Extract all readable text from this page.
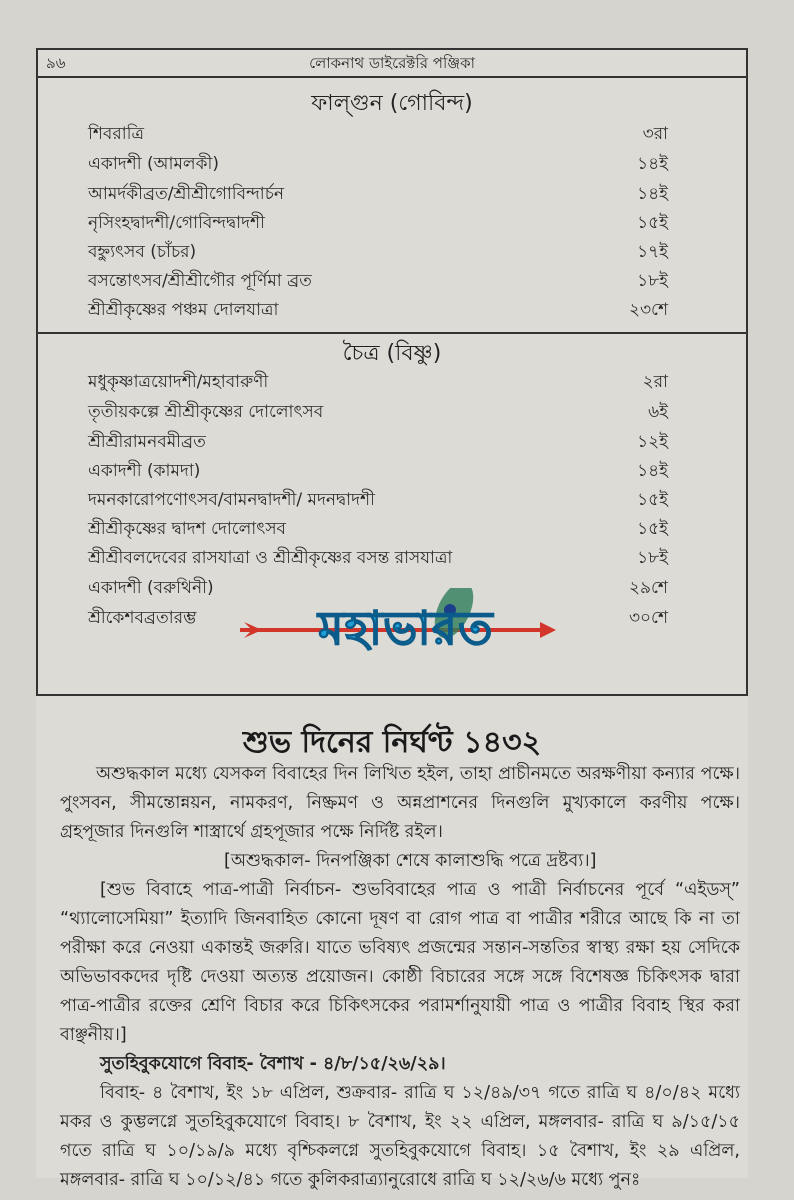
৯৬	লোকনাথ ডাইরেক্টরি পঞ্জিকা
ফাল্গুন (গোবিন্দ)
শিবরাত্রি	৩রা
একাদশী (আমলকী)	১৪ই
আমর্দকীব্রত/শ্রীশ্রীগোবিন্দার্চন	১৪ই
নৃসিংহদ্বাদশী/গোবিন্দদ্বাদশী	১৫ই
বহ্ন্যুৎসব (চাঁচর)	১৭ই
বসন্তোৎসব/শ্রীশ্রীগৌর পূর্ণিমা ব্রত	১৮ই
শ্রীশ্রীকৃষ্ণের পঞ্চম দোলযাত্রা	২৩শে
চৈত্র (বিষ্ণু)
মধুকৃষ্ণাত্রয়োদশী/মহাবারুণী	২রা
তৃতীয়কল্পে শ্রীশ্রীকৃষ্ণের দোলোৎসব	৬ই
শ্রীশ্রীরামনবমীব্রত	১২ই
একাদশী (কামদা)	১৪ই
দমনকারোপণোৎসব/বামনদ্বাদশী/ মদনদ্বাদশী	১৫ই
শ্রীশ্রীকৃষ্ণের দ্বাদশ দোলোৎসব	১৫ই
শ্রীশ্রীবলদেবের রাসযাত্রা ও শ্রীশ্রীকৃষ্ণের বসন্ত রাসযাত্রা	১৮ই
একাদশী (বরুথিনী)	২৯শে
শ্রীকেশবব্রতারম্ভ	৩০শে
শুভ দিনের নির্ঘণ্ট ১৪৩২
অশুদ্ধকাল মধ্যে যেসকল বিবাহের দিন লিখিত হইল, তাহা প্রাচীনমতে অরক্ষণীয়া কন্যার পক্ষে। পুংসবন, সীমন্তোন্নয়ন, নামকরণ, নিষ্ক্রমণ ও অন্নপ্রাশনের দিনগুলি মুখ্যকালে করণীয় পক্ষে। গ্রহপূজার দিনগুলি শাস্ত্রার্থে গ্রহপূজার পক্ষে নির্দিষ্ট রইল।
[অশুদ্ধকাল- দিনপঞ্জিকা শেষে কালাশুদ্ধি পত্রে দ্রষ্টব্য।]
[শুভ বিবাহে পাত্র-পাত্রী নির্বাচন- শুভবিবাহের পাত্র ও পাত্রী নির্বাচনের পূর্বে “এইডস্” “থ্যালোসেমিয়া” ইত্যাদি জিনবাহিত কোনো দূষণ বা রোগ পাত্র বা পাত্রীর শরীরে আছে কি না তা পরীক্ষা করে নেওয়া একান্তই জরুরি। যাতে ভবিষ্যৎ প্রজন্মের সন্তান-সন্ততির স্বাস্থ্য রক্ষা হয় সেদিকে অভিভাবকদের দৃষ্টি দেওয়া অত্যন্ত প্রয়োজন। কোষ্ঠী বিচারের সঙ্গে সঙ্গে বিশেষজ্ঞ চিকিৎসক দ্বারা পাত্র-পাত্রীর রক্তের শ্রেণি বিচার করে চিকিৎসকের পরামর্শানুযায়ী পাত্র ও পাত্রীর বিবাহ স্থির করা বাঞ্ছনীয়।]
সুতহিবুকযোগে বিবাহ- বৈশাখ - ৪/৮/১৫/২৬/২৯।
বিবাহ- ৪ বৈশাখ, ইং ১৮ এপ্রিল, শুক্রবার- রাত্রি ঘ ১২/৪৯/৩৭ গতে রাত্রি ঘ ৪/০/৪২ মধ্যে মকর ও কুম্ভলগ্নে সুতহিবুকযোগে বিবাহ। ৮ বৈশাখ, ইং ২২ এপ্রিল, মঙ্গলবার- রাত্রি ঘ ৯/১৫/১৫ গতে রাত্রি ঘ ১০/১৯/৯ মধ্যে বৃশ্চিকলগ্নে সুতহিবুকযোগে বিবাহ। ১৫ বৈশাখ, ইং ২৯ এপ্রিল, মঙ্গলবার- রাত্রি ঘ ১০/১২/৪১ গতে কুলিকরাত্র্যানুরোধে রাত্রি ঘ ১২/২৬/৬ মধ্যে পুনঃ
মহাভারত
